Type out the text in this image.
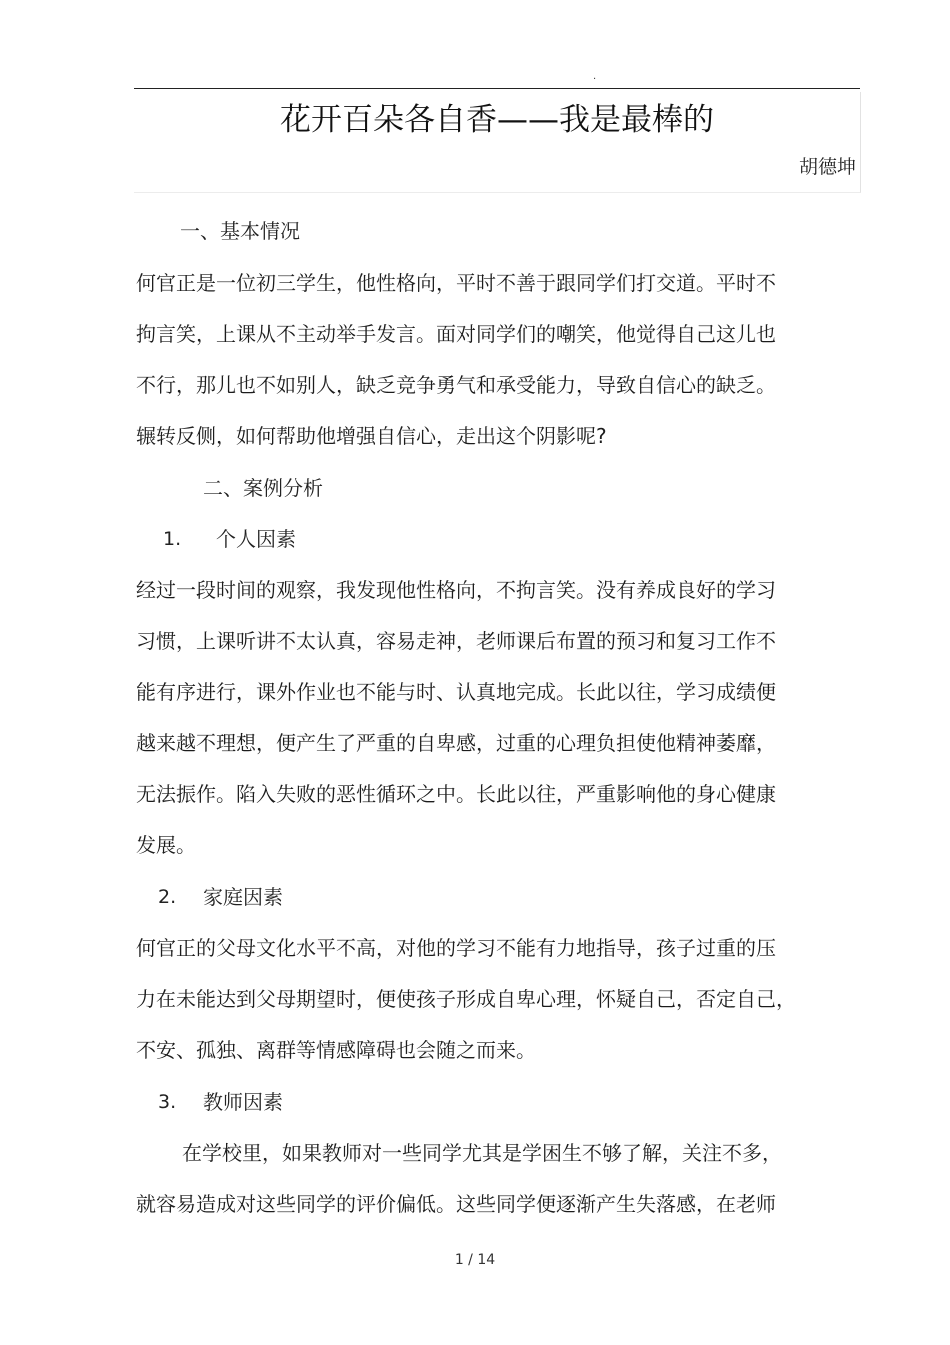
.
花开百朵各自香——我是最棒的
胡德坤
一、基本情况
何官正是一位初三学生，他性格向，平时不善于跟同学们打交道。平时不
拘言笑，上课从不主动举手发言。面对同学们的嘲笑，他觉得自己这儿也
不行，那儿也不如别人，缺乏竞争勇气和承受能力，导致自信心的缺乏。
辗转反侧，如何帮助他增强自信心，走出这个阴影呢?
二、案例分析
1. 个人因素
经过一段时间的观察，我发现他性格向，不拘言笑。没有养成良好的学习
习惯，上课听讲不太认真，容易走神，老师课后布置的预习和复习工作不
能有序进行，课外作业也不能与时、认真地完成。长此以往，学习成绩便
越来越不理想，便产生了严重的自卑感，过重的心理负担使他精神萎靡，
无法振作。陷入失败的恶性循环之中。长此以往，严重影响他的身心健康
发展。
2. 家庭因素
何官正的父母文化水平不高，对他的学习不能有力地指导，孩子过重的压
力在未能达到父母期望时，便使孩子形成自卑心理，怀疑自己，否定自己，
不安、孤独、离群等情感障碍也会随之而来。
3. 教师因素
在学校里，如果教师对一些同学尤其是学困生不够了解，关注不多，
就容易造成对这些同学的评价偏低。这些同学便逐渐产生失落感，在老师
1 / 14
